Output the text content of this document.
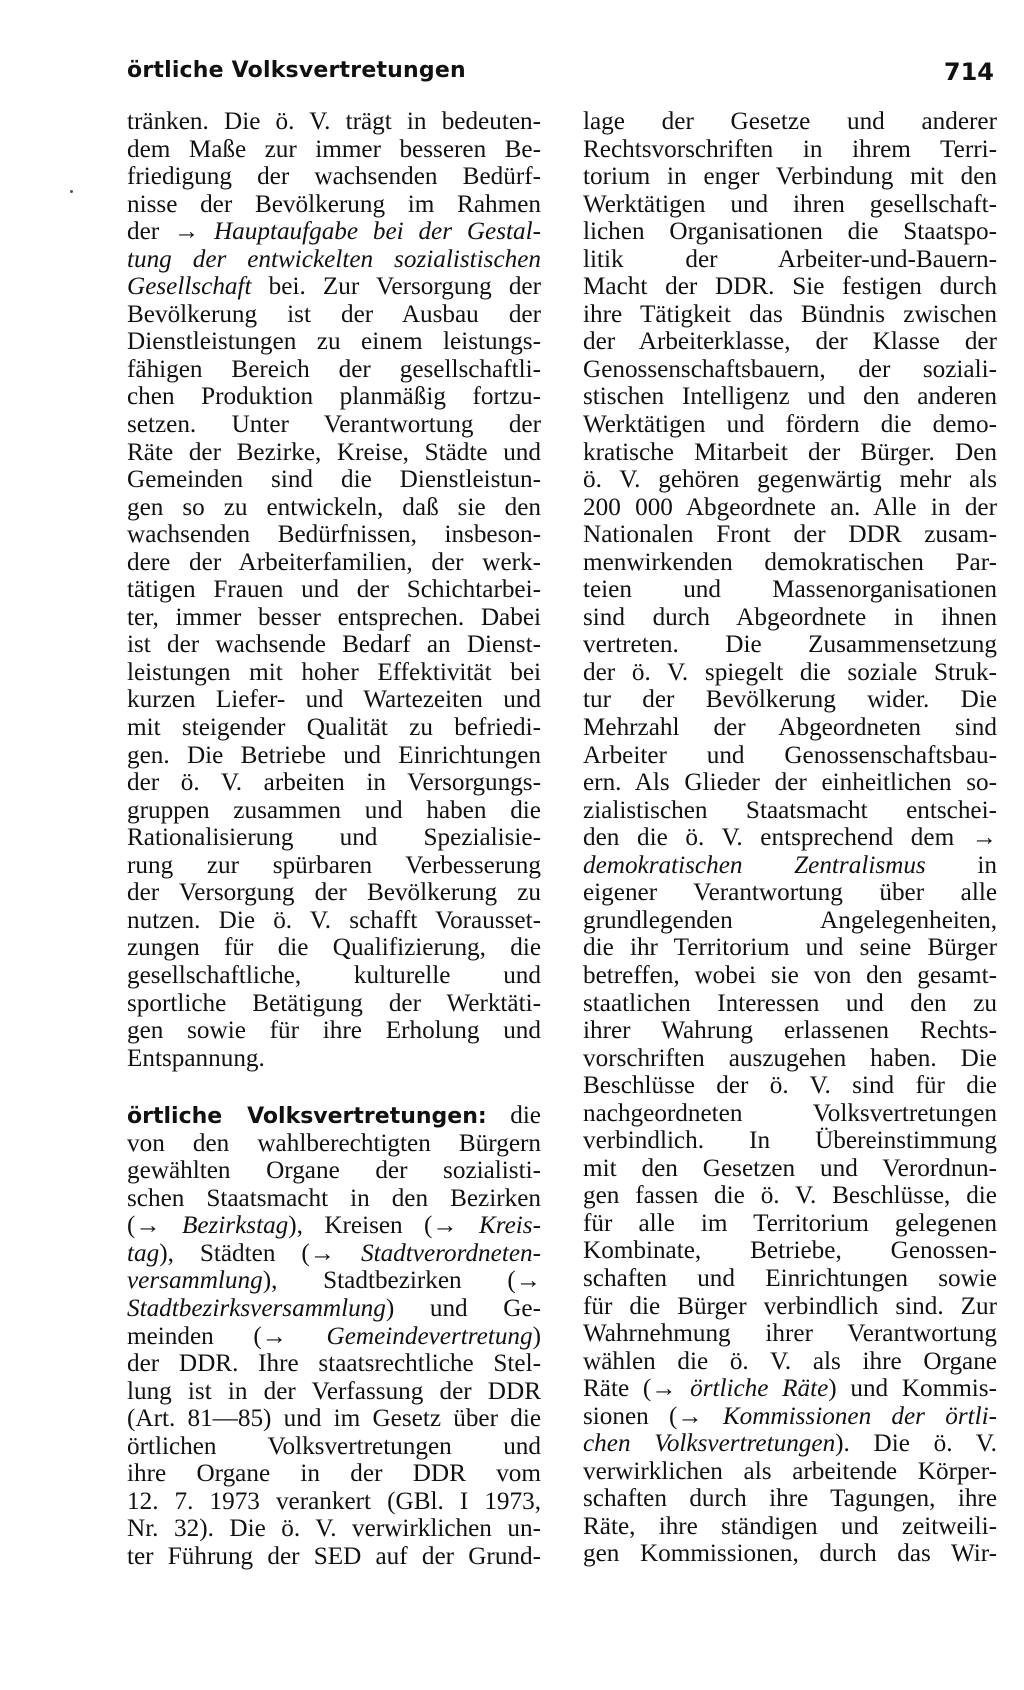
örtliche Volksvertretungen	714
tränken. Die ö. V. trägt in bedeuten-
dem Maße zur immer besseren Be-
friedigung der wachsenden Bedürf-
nisse der Bevölkerung im Rahmen
der → Hauptaufgabe bei der Gestal-
tung der entwickelten sozialistischen
Gesellschaft bei. Zur Versorgung der
Bevölkerung ist der Ausbau der
Dienstleistungen zu einem leistungs-
fähigen Bereich der gesellschaftli-
chen Produktion planmäßig fortzu-
setzen. Unter Verantwortung der
Räte der Bezirke, Kreise, Städte und
Gemeinden sind die Dienstleistun-
gen so zu entwickeln, daß sie den
wachsenden Bedürfnissen, insbeson-
dere der Arbeiterfamilien, der werk-
tätigen Frauen und der Schichtarbei-
ter, immer besser entsprechen. Dabei
ist der wachsende Bedarf an Dienst-
leistungen mit hoher Effektivität bei
kurzen Liefer- und Wartezeiten und
mit steigender Qualität zu befriedi-
gen. Die Betriebe und Einrichtungen
der ö. V. arbeiten in Versorgungs-
gruppen zusammen und haben die
Rationalisierung und Spezialisie-
rung zur spürbaren Verbesserung
der Versorgung der Bevölkerung zu
nutzen. Die ö. V. schafft Vorausset-
zungen für die Qualifizierung, die
gesellschaftliche, kulturelle und
sportliche Betätigung der Werktäti-
gen sowie für ihre Erholung und
Entspannung.
örtliche Volksvertretungen: die
von den wahlberechtigten Bürgern
gewählten Organe der sozialisti-
schen Staatsmacht in den Bezirken
(→ Bezirkstag), Kreisen (→ Kreis-
tag), Städten (→ Stadtverordneten-
versammlung), Stadtbezirken (→
Stadtbezirksversammlung) und Ge-
meinden (→ Gemeindevertretung)
der DDR. Ihre staatsrechtliche Stel-
lung ist in der Verfassung der DDR
(Art. 81—85) und im Gesetz über die
örtlichen Volksvertretungen und
ihre Organe in der DDR vom
12. 7. 1973 verankert (GBl. I 1973,
Nr. 32). Die ö. V. verwirklichen un-
ter Führung der SED auf der Grund-
lage der Gesetze und anderer
Rechtsvorschriften in ihrem Terri-
torium in enger Verbindung mit den
Werktätigen und ihren gesellschaft-
lichen Organisationen die Staatspo-
litik der Arbeiter-und-Bauern-
Macht der DDR. Sie festigen durch
ihre Tätigkeit das Bündnis zwischen
der Arbeiterklasse, der Klasse der
Genossenschaftsbauern, der soziali-
stischen Intelligenz und den anderen
Werktätigen und fördern die demo-
kratische Mitarbeit der Bürger. Den
ö. V. gehören gegenwärtig mehr als
200 000 Abgeordnete an. Alle in der
Nationalen Front der DDR zusam-
menwirkenden demokratischen Par-
teien und Massenorganisationen
sind durch Abgeordnete in ihnen
vertreten. Die Zusammensetzung
der ö. V. spiegelt die soziale Struk-
tur der Bevölkerung wider. Die
Mehrzahl der Abgeordneten sind
Arbeiter und Genossenschaftsbau-
ern. Als Glieder der einheitlichen so-
zialistischen Staatsmacht entschei-
den die ö. V. entsprechend dem →
demokratischen Zentralismus in
eigener Verantwortung über alle
grundlegenden Angelegenheiten,
die ihr Territorium und seine Bürger
betreffen, wobei sie von den gesamt-
staatlichen Interessen und den zu
ihrer Wahrung erlassenen Rechts-
vorschriften auszugehen haben. Die
Beschlüsse der ö. V. sind für die
nachgeordneten Volksvertretungen
verbindlich. In Übereinstimmung
mit den Gesetzen und Verordnun-
gen fassen die ö. V. Beschlüsse, die
für alle im Territorium gelegenen
Kombinate, Betriebe, Genossen-
schaften und Einrichtungen sowie
für die Bürger verbindlich sind. Zur
Wahrnehmung ihrer Verantwortung
wählen die ö. V. als ihre Organe
Räte (→ örtliche Räte) und Kommis-
sionen (→ Kommissionen der örtli-
chen Volksvertretungen). Die ö. V.
verwirklichen als arbeitende Körper-
schaften durch ihre Tagungen, ihre
Räte, ihre ständigen und zeitweili-
gen Kommissionen, durch das Wir-
